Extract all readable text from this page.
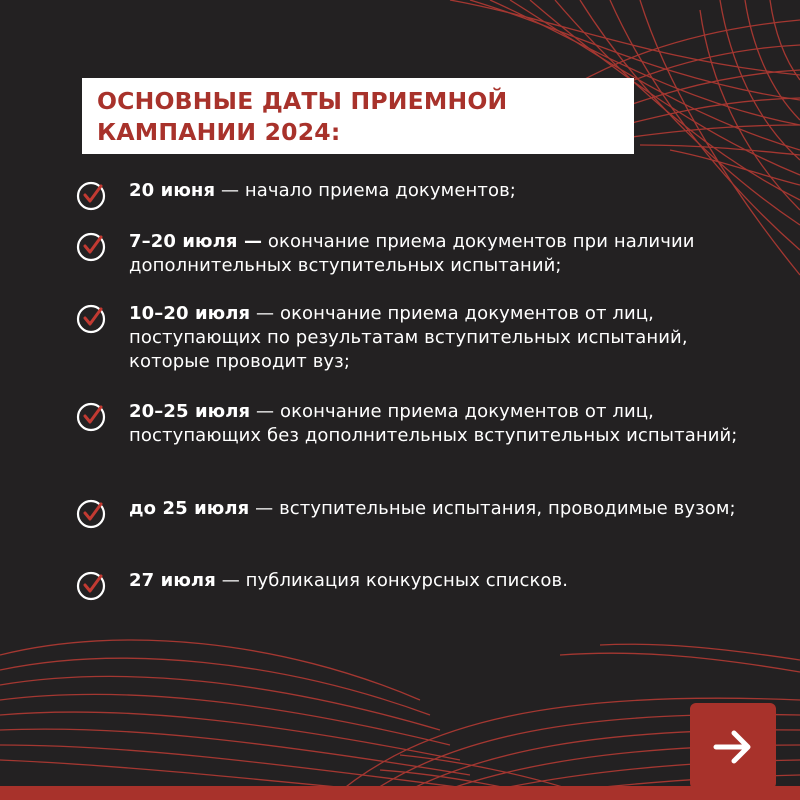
ОСНОВНЫЕ ДАТЫ ПРИЕМНОЙ
КАМПАНИИ 2024:
20 июня — начало приема документов;
7–20 июля — окончание приема документов при наличии дополнительных вступительных испытаний;
10–20 июля — окончание приема документов от лиц, поступающих по результатам вступительных испытаний, которые проводит вуз;
20–25 июля — окончание приема документов от лиц, поступающих без дополнительных вступительных испытаний;
до 25 июля — вступительные испытания, проводимые вузом;
27 июля — публикация конкурсных списков.
